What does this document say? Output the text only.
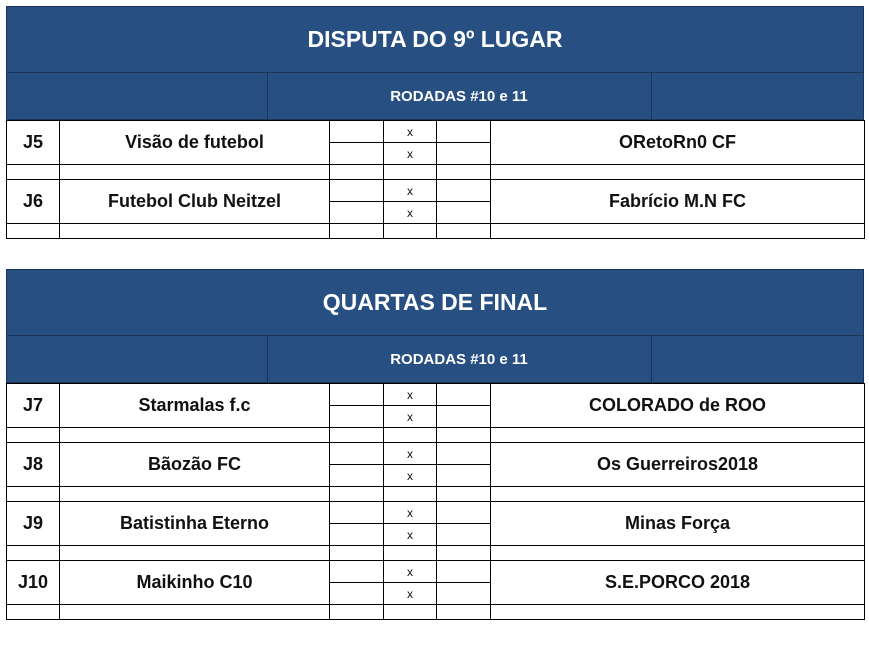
DISPUTA DO 9º LUGAR
RODADAS #10 e 11
J5	Visão de futebol		x		ORetoRn0 CF
			x		

J6	Futebol Club Neitzel		x		Fabrício M.N FC
			x		

QUARTAS DE FINAL
RODADAS #10 e 11
J7	Starmalas f.c		x		COLORADO de ROO
			x		

J8	Bãozão FC		x		Os Guerreiros2018
			x		

J9	Batistinha Eterno		x		Minas Força
			x		

J10	Maikinho C10		x		S.E.PORCO 2018
			x		
